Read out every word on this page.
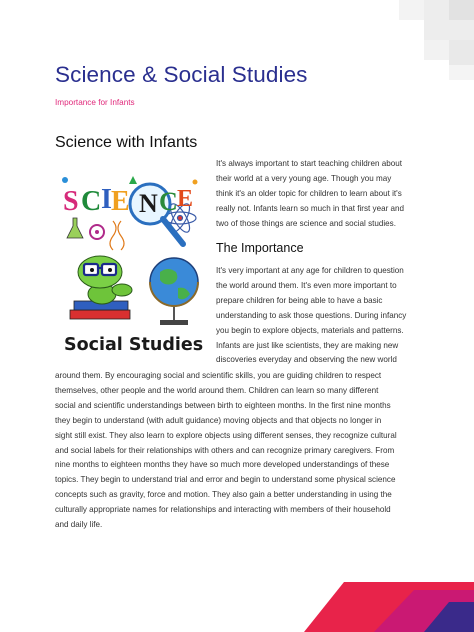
Science & Social Studies
Importance for Infants
Science with Infants
S C I E N C E
It's always important to start teaching children about
their world at a very young age. Though you may
think it's an older topic for children to learn about it's
really not. Infants learn so much in that first year and
two of those things are science and social studies.
The Importance
Social Studies
It's very important at any age for children to question
the world around them. It's even more important to
prepare children for being able to have a basic
understanding to ask those questions. During infancy
you begin to explore objects, materials and patterns.
Infants are just like scientists, they are making new
discoveries everyday and observing the new world
around them. By encouraging social and scientific skills, you are guiding children to respect
themselves, other people and the world around them. Children can learn so many different
social and scientific understandings between birth to eighteen months. In the first nine months
they begin to understand (with adult guidance) moving objects and that objects no longer in
sight still exist. They also learn to explore objects using different senses, they recognize cultural
and social labels for their relationships with others and can recognize primary caregivers. From
nine months to eighteen months they have so much more developed understandings of these
topics. They begin to understand trial and error and begin to understand some physical science
concepts such as gravity, force and motion. They also gain a better understanding in using the
culturally appropriate names for relationships and interacting with members of their household
and daily life.
